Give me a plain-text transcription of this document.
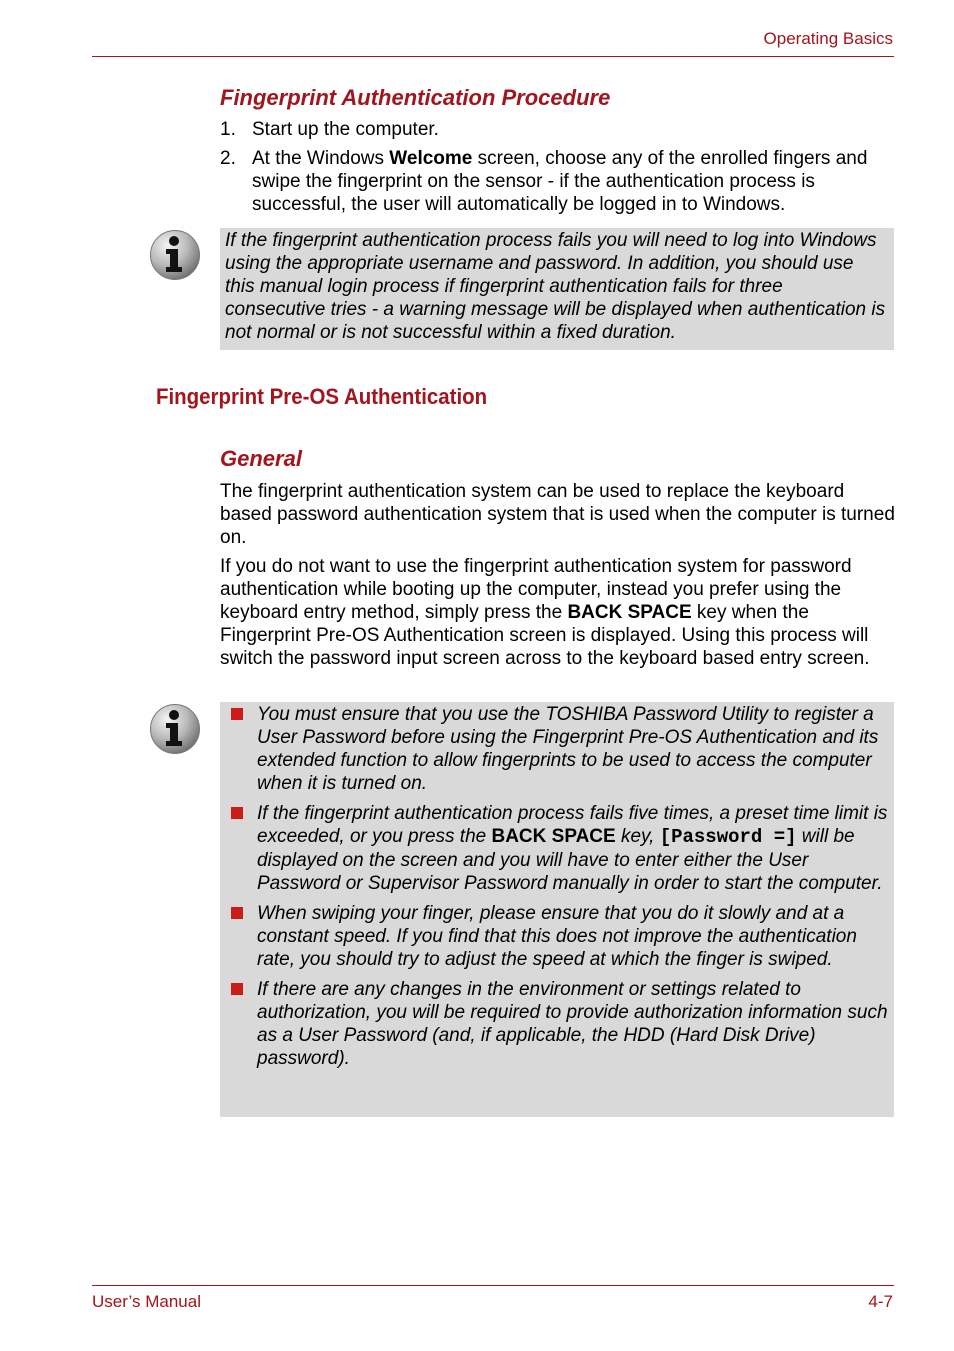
Operating Basics
Fingerprint Authentication Procedure
1. Start up the computer.
2. At the Windows Welcome screen, choose any of the enrolled fingers and swipe the fingerprint on the sensor - if the authentication process is successful, the user will automatically be logged in to Windows.
If the fingerprint authentication process fails you will need to log into Windows using the appropriate username and password. In addition, you should use this manual login process if fingerprint authentication fails for three consecutive tries - a warning message will be displayed when authentication is not normal or is not successful within a fixed duration.
Fingerprint Pre-OS Authentication
General

The fingerprint authentication system can be used to replace the keyboard based password authentication system that is used when the computer is turned on.

If you do not want to use the fingerprint authentication system for password authentication while booting up the computer, instead you prefer using the keyboard entry method, simply press the BACK SPACE key when the Fingerprint Pre-OS Authentication screen is displayed. Using this process will switch the password input screen across to the keyboard based entry screen.

You must ensure that you use the TOSHIBA Password Utility to register a User Password before using the Fingerprint Pre-OS Authentication and its extended function to allow fingerprints to be used to access the computer when it is turned on.
If the fingerprint authentication process fails five times, a preset time limit is exceeded, or you press the BACK SPACE key, [Password =] will be displayed on the screen and you will have to enter either the User Password or Supervisor Password manually in order to start the computer.
When swiping your finger, please ensure that you do it slowly and at a constant speed. If you find that this does not improve the authentication rate, you should try to adjust the speed at which the finger is swiped.
If there are any changes in the environment or settings related to authorization, you will be required to provide authorization information such as a User Password (and, if applicable, the HDD (Hard Disk Drive) password).
User’s Manual	4-7
